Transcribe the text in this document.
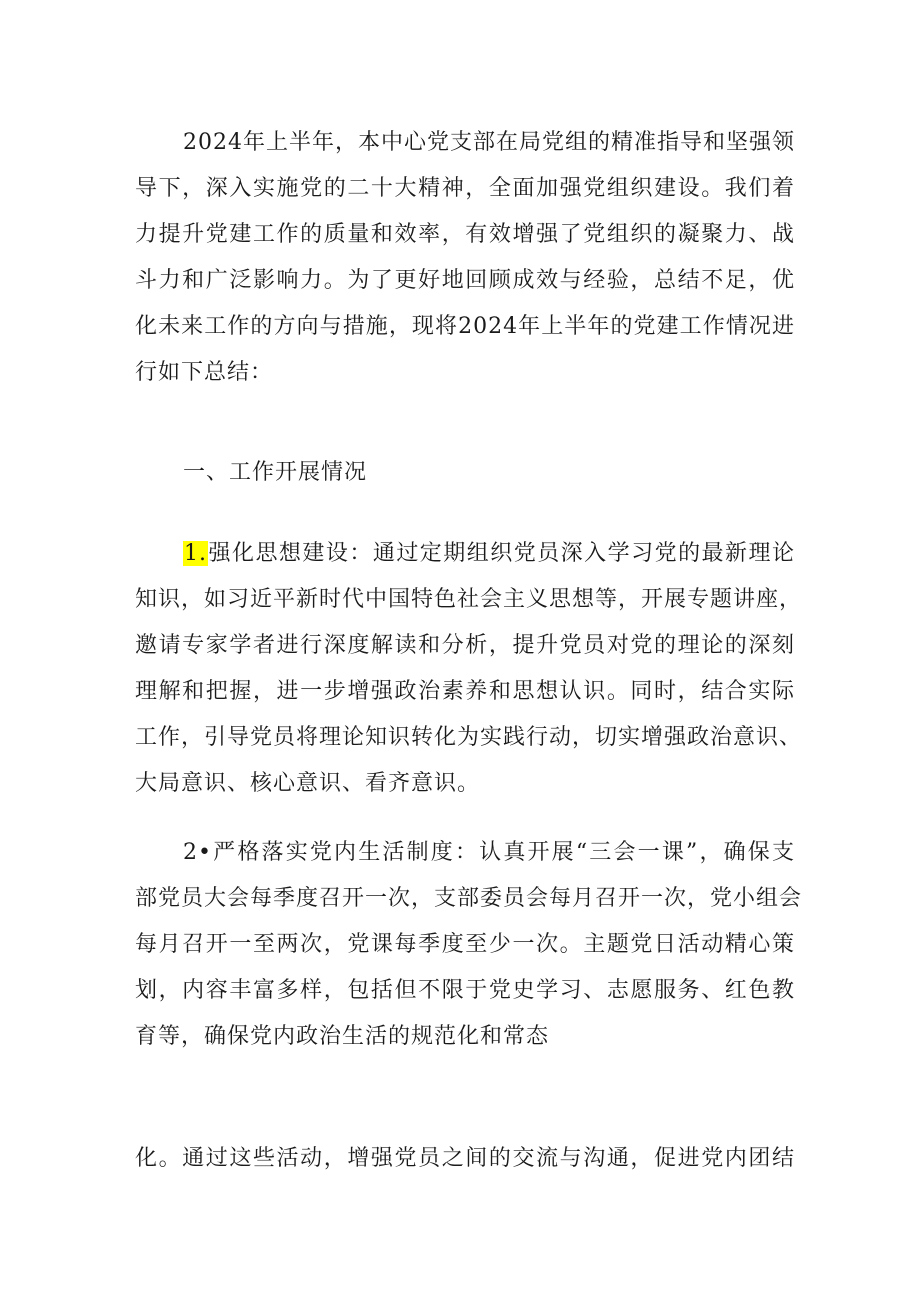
2024年上半年，本中心党支部在局党组的精准指导和坚强领
导下，深入实施党的二十大精神，全面加强党组织建设。我们着
力提升党建工作的质量和效率，有效增强了党组织的凝聚力、战
斗力和广泛影响力。为了更好地回顾成效与经验，总结不足，优
化未来工作的方向与措施，现将2024年上半年的党建工作情况进
行如下总结：
一、工作开展情况
1.强化思想建设：通过定期组织党员深入学习党的最新理论
知识，如习近平新时代中国特色社会主义思想等，开展专题讲座，
邀请专家学者进行深度解读和分析，提升党员对党的理论的深刻
理解和把握，进一步增强政治素养和思想认识。同时，结合实际
工作，引导党员将理论知识转化为实践行动，切实增强政治意识、
大局意识、核心意识、看齐意识。
2•严格落实党内生活制度：认真开展“三会一课”，确保支
部党员大会每季度召开一次，支部委员会每月召开一次，党小组会
每月召开一至两次，党课每季度至少一次。主题党日活动精心策
划，内容丰富多样，包括但不限于党史学习、志愿服务、红色教
育等，确保党内政治生活的规范化和常态
化。通过这些活动，增强党员之间的交流与沟通，促进党内团结
